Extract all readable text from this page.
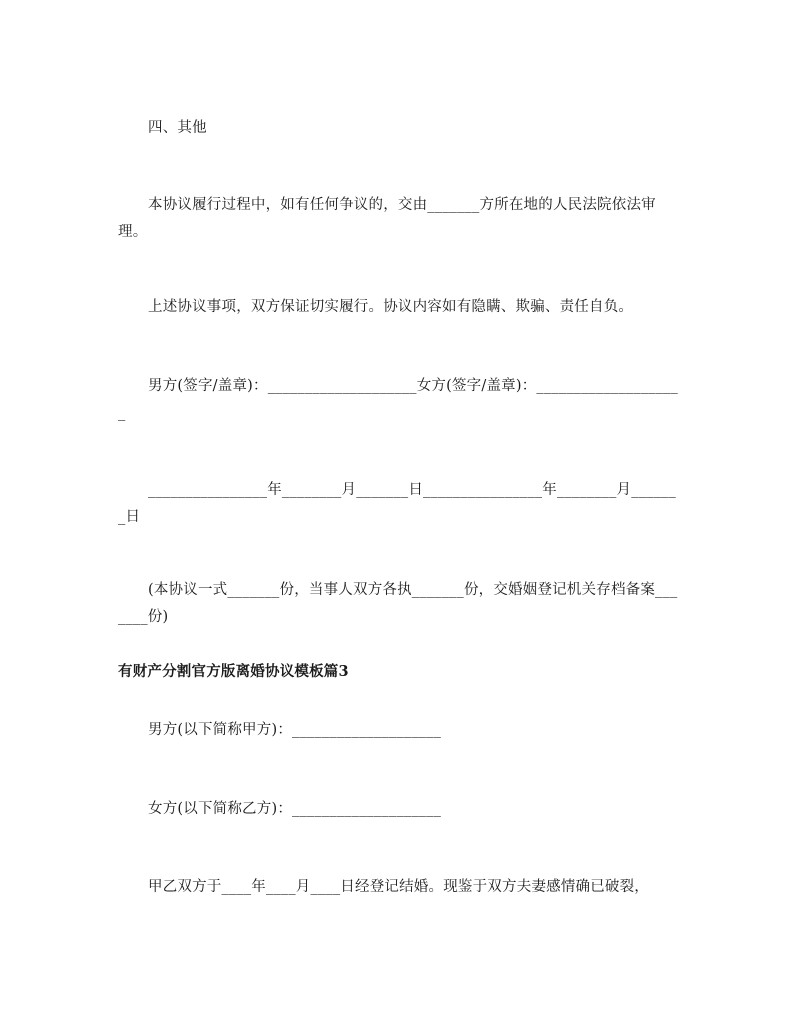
四、其他

本协议履行过程中，如有任何争议的，交由_______方所在地的人民法院依法审理。

上述协议事项，双方保证切实履行。协议内容如有隐瞒、欺骗、责任自负。

男方(签字/盖章)：____________________女方(签字/盖章)：____________________

________________年________月_______日________________年________月_______日

(本协议一式_______份，当事人双方各执_______份，交婚姻登记机关存档备案_______份)

有财产分割官方版离婚协议模板篇3

男方(以下简称甲方)：____________________

女方(以下简称乙方)：____________________

甲乙双方于____年____月____日经登记结婚。现鉴于双方夫妻感情确已破裂，
